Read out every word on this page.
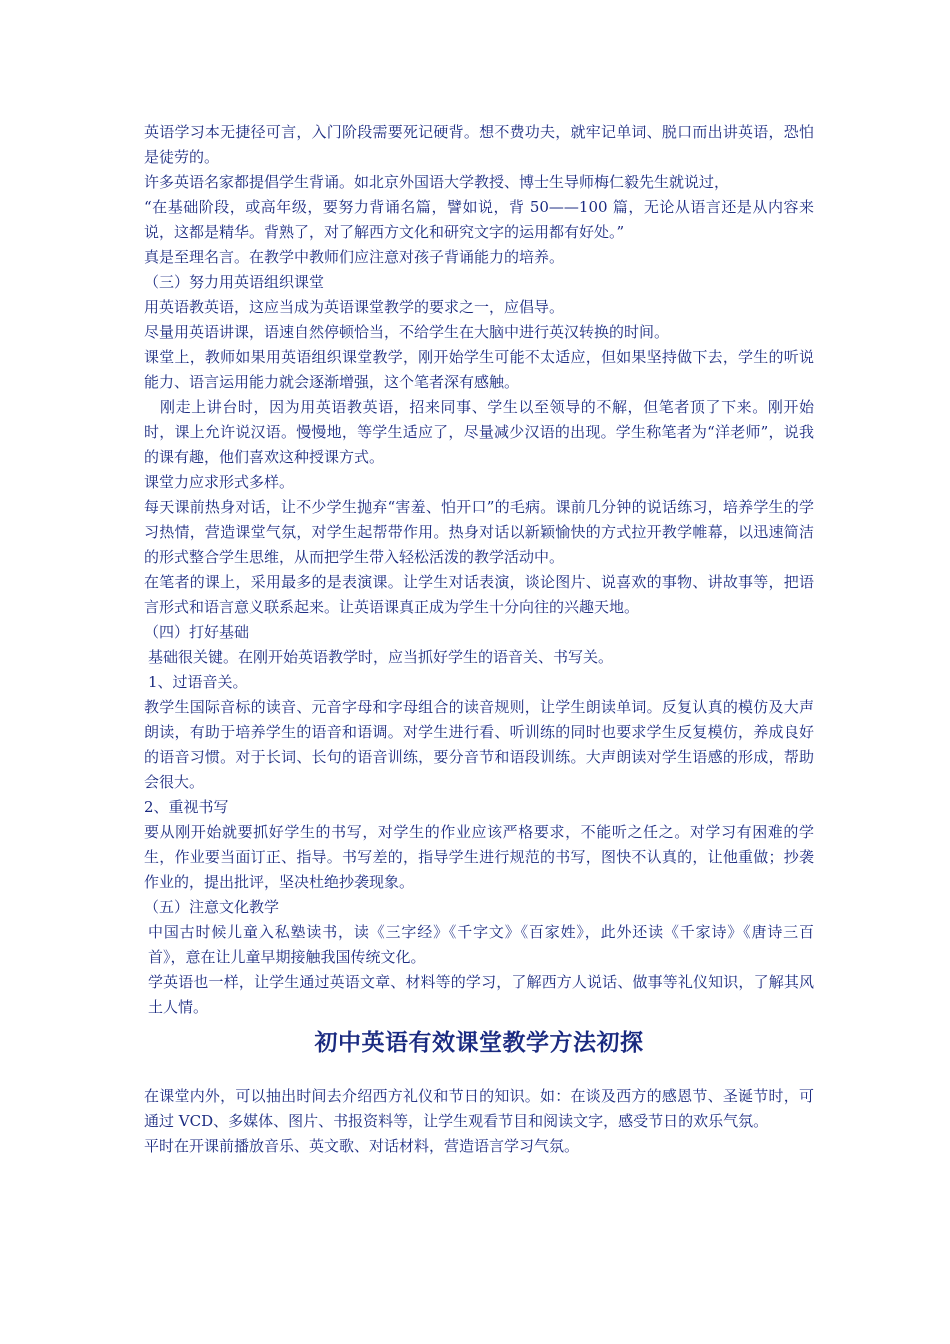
英语学习本无捷径可言，入门阶段需要死记硬背。想不费功夫，就牢记单词、脱口而出讲英语，恐怕是徒劳的。

许多英语名家都提倡学生背诵。如北京外国语大学教授、博士生导师梅仁毅先生就说过，

“在基础阶段，或高年级，要努力背诵名篇，譬如说，背 50——100 篇，无论从语言还是从内容来说，这都是精华。背熟了，对了解西方文化和研究文字的运用都有好处。”

真是至理名言。在教学中教师们应注意对孩子背诵能力的培养。

（三）努力用英语组织课堂

用英语教英语，这应当成为英语课堂教学的要求之一，应倡导。

尽量用英语讲课，语速自然停顿恰当，不给学生在大脑中进行英汉转换的时间。

课堂上，教师如果用英语组织课堂教学，刚开始学生可能不太适应，但如果坚持做下去，学生的听说能力、语言运用能力就会逐渐增强，这个笔者深有感触。

刚走上讲台时，因为用英语教英语，招来同事、学生以至领导的不解，但笔者顶了下来。刚开始时，课上允许说汉语。慢慢地，等学生适应了，尽量减少汉语的出现。学生称笔者为“洋老师”，说我的课有趣，他们喜欢这种授课方式。

课堂力应求形式多样。

每天课前热身对话，让不少学生抛弃“害羞、怕开口”的毛病。课前几分钟的说话练习，培养学生的学习热情，营造课堂气氛，对学生起帮带作用。热身对话以新颖愉快的方式拉开教学帷幕，以迅速简洁的形式整合学生思维，从而把学生带入轻松活泼的教学活动中。

在笔者的课上，采用最多的是表演课。让学生对话表演，谈论图片、说喜欢的事物、讲故事等，把语言形式和语言意义联系起来。让英语课真正成为学生十分向往的兴趣天地。

（四）打好基础

基础很关键。在刚开始英语教学时，应当抓好学生的语音关、书写关。

1、过语音关。

教学生国际音标的读音、元音字母和字母组合的读音规则，让学生朗读单词。反复认真的模仿及大声朗读，有助于培养学生的语音和语调。对学生进行看、听训练的同时也要求学生反复模仿，养成良好的语音习惯。对于长词、长句的语音训练，要分音节和语段训练。大声朗读对学生语感的形成，帮助会很大。

2、重视书写

要从刚开始就要抓好学生的书写，对学生的作业应该严格要求，不能听之任之。对学习有困难的学生，作业要当面订正、指导。书写差的，指导学生进行规范的书写，图快不认真的，让他重做；抄袭作业的，提出批评，坚决杜绝抄袭现象。

（五）注意文化教学

中国古时候儿童入私塾读书，读《三字经》《千字文》《百家姓》，此外还读《千家诗》《唐诗三百首》，意在让儿童早期接触我国传统文化。

学英语也一样，让学生通过英语文章、材料等的学习，了解西方人说话、做事等礼仪知识，了解其风土人情。

初中英语有效课堂教学方法初探

在课堂内外，可以抽出时间去介绍西方礼仪和节日的知识。如：在谈及西方的感恩节、圣诞节时，可通过 VCD、多媒体、图片、书报资料等，让学生观看节目和阅读文字，感受节日的欢乐气氛。

平时在开课前播放音乐、英文歌、对话材料，营造语言学习气氛。
